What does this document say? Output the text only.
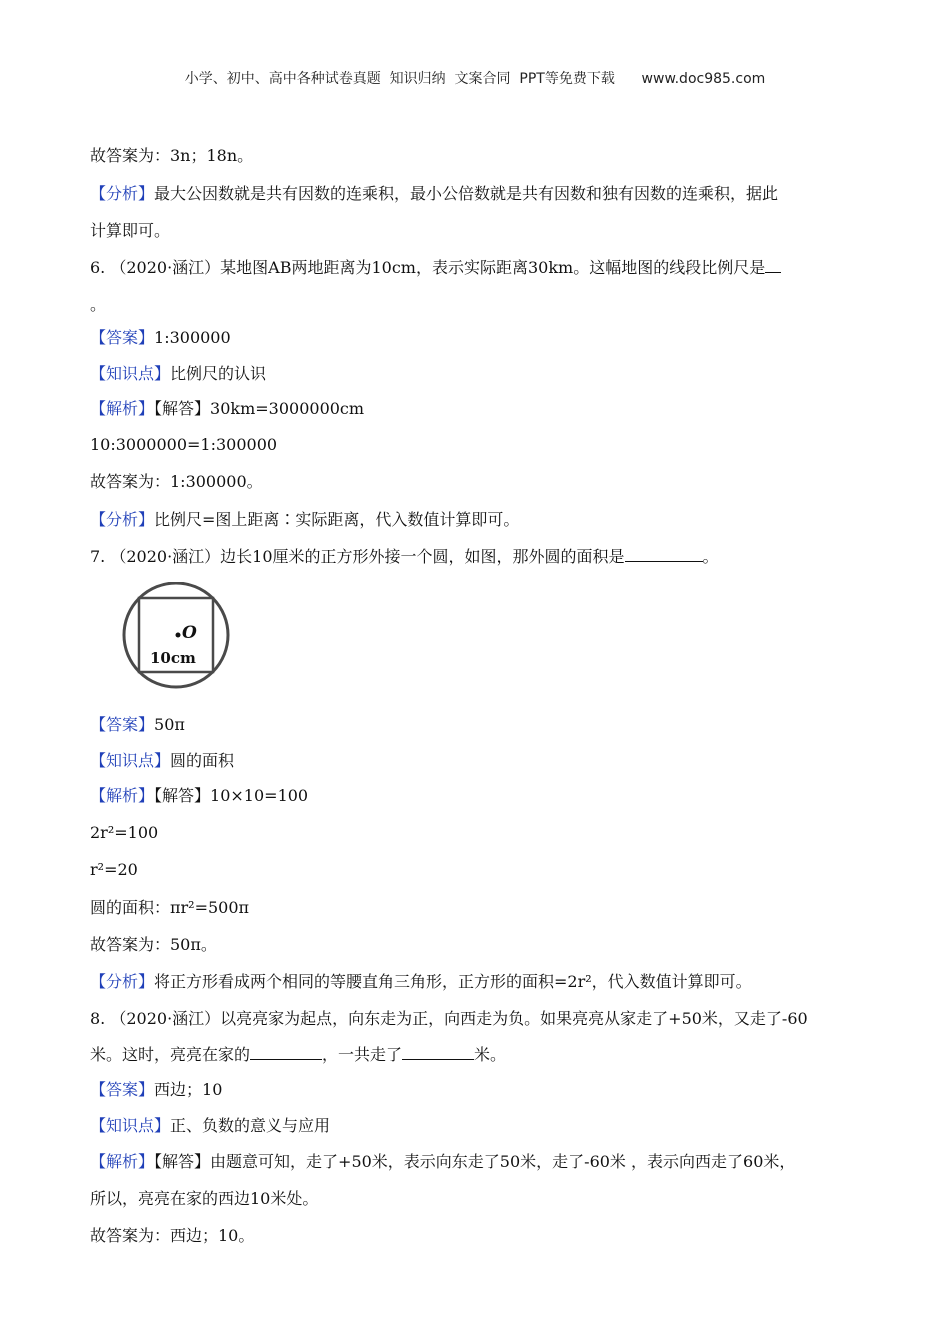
小学、初中、高中各种试卷真题  知识归纳  文案合同  PPT等免费下载      www.doc985.com
故答案为：3n；18n。
【分析】最大公因数就是共有因数的连乘积，最小公倍数就是共有因数和独有因数的连乘积，据此
计算即可。
6. （2020·涵江）某地图AB两地距离为10cm，表示实际距离30km。这幅地图的线段比例尺是
。
【答案】1:300000
【知识点】比例尺的认识
【解析】【解答】30km=3000000cm
10:3000000=1:300000
故答案为：1:300000。
【分析】比例尺=图上距离∶实际距离，代入数值计算即可。
7. （2020·涵江）边长10厘米的正方形外接一个圆，如图，那外圆的面积是	。
O
10cm
【答案】50π
【知识点】圆的面积
【解析】【解答】10×10=100
2r²=100
r²=20
圆的面积：πr²=500π
故答案为：50π。
【分析】将正方形看成两个相同的等腰直角三角形，正方形的面积=2r²，代入数值计算即可。
8. （2020·涵江）以亮亮家为起点，向东走为正，向西走为负。如果亮亮从家走了+50米，又走了-60
米。这时，亮亮在家的	，一共走了	米。
【答案】西边；10
【知识点】正、负数的意义与应用
【解析】【解答】由题意可知，走了+50米，表示向东走了50米，走了-60米 ，表示向西走了60米，
所以，亮亮在家的西边10米处。
故答案为：西边；10。
